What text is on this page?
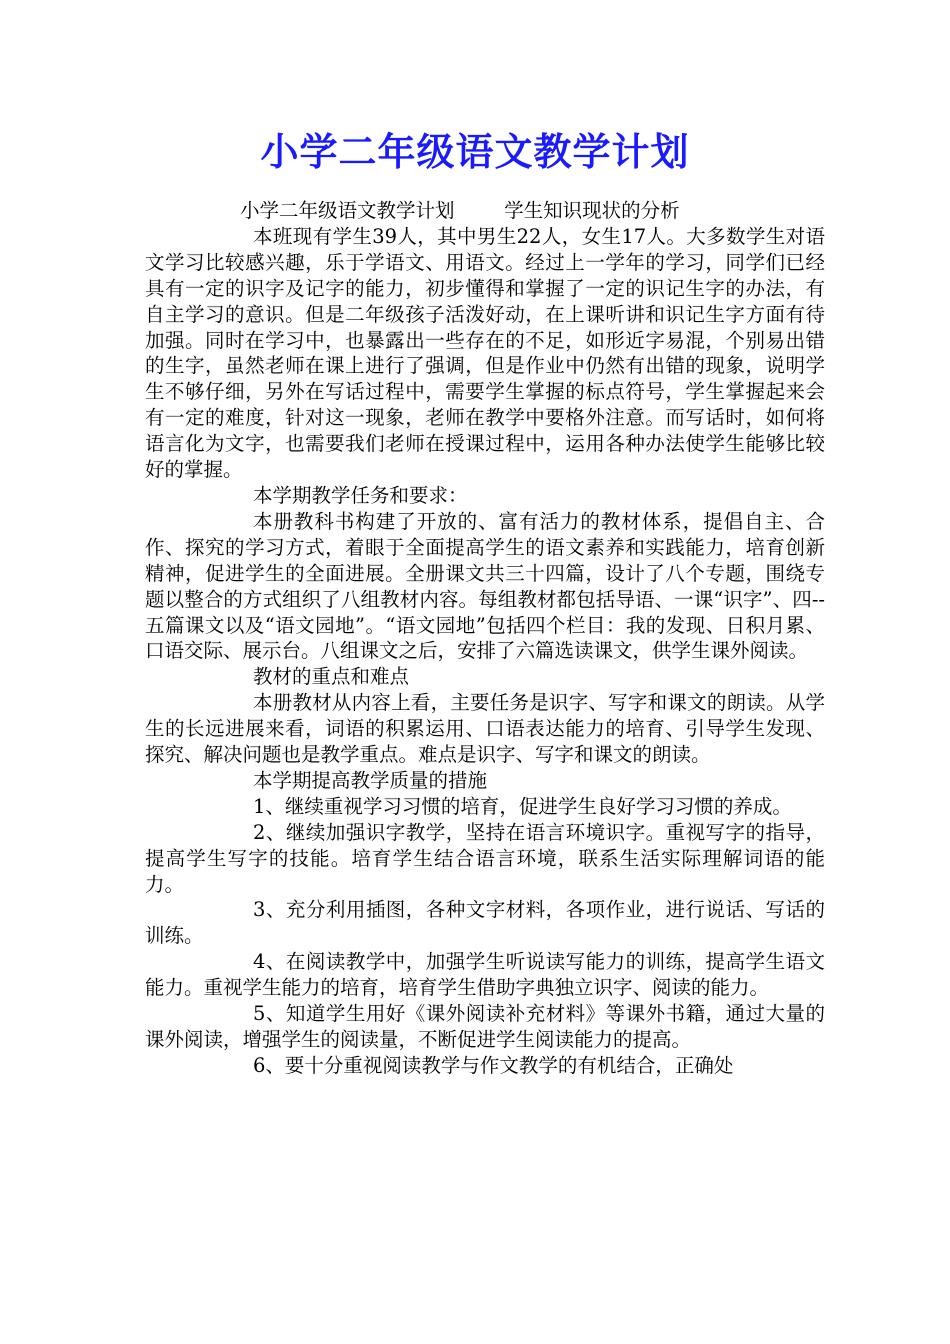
小学二年级语文教学计划

小学二年级语文教学计划        学生知识现状的分析

本班现有学生39人，其中男生22人，女生17人。大多数学生对语文学习比较感兴趣，乐于学语文、用语文。经过上一学年的学习，同学们已经具有一定的识字及记字的能力，初步懂得和掌握了一定的识记生字的办法，有自主学习的意识。但是二年级孩子活泼好动，在上课听讲和识记生字方面有待加强。同时在学习中，也暴露出一些存在的不足，如形近字易混，个别易出错的生字，虽然老师在课上进行了强调，但是作业中仍然有出错的现象，说明学生不够仔细，另外在写话过程中，需要学生掌握的标点符号，学生掌握起来会有一定的难度，针对这一现象，老师在教学中要格外注意。而写话时，如何将语言化为文字，也需要我们老师在授课过程中，运用各种办法使学生能够比较好的掌握。

本学期教学任务和要求：

本册教科书构建了开放的、富有活力的教材体系，提倡自主、合作、探究的学习方式，着眼于全面提高学生的语文素养和实践能力，培育创新精神，促进学生的全面进展。全册课文共三十四篇，设计了八个专题，围绕专题以整合的方式组织了八组教材内容。每组教材都包括导语、一课“识字”、四--五篇课文以及“语文园地”。“语文园地”包括四个栏目：我的发现、日积月累、口语交际、展示台。八组课文之后，安排了六篇选读课文，供学生课外阅读。

教材的重点和难点

本册教材从内容上看，主要任务是识字、写字和课文的朗读。从学生的长远进展来看，词语的积累运用、口语表达能力的培育、引导学生发现、探究、解决问题也是教学重点。难点是识字、写字和课文的朗读。

本学期提高教学质量的措施

1、继续重视学习习惯的培育，促进学生良好学习习惯的养成。

2、继续加强识字教学，坚持在语言环境识字。重视写字的指导，提高学生写字的技能。培育学生结合语言环境，联系生活实际理解词语的能力。

3、充分利用插图，各种文字材料，各项作业，进行说话、写话的训练。

4、在阅读教学中，加强学生听说读写能力的训练，提高学生语文能力。重视学生能力的培育，培育学生借助字典独立识字、阅读的能力。

5、知道学生用好《课外阅读补充材料》等课外书籍，通过大量的课外阅读，增强学生的阅读量，不断促进学生阅读能力的提高。

6、要十分重视阅读教学与作文教学的有机结合，正确处
